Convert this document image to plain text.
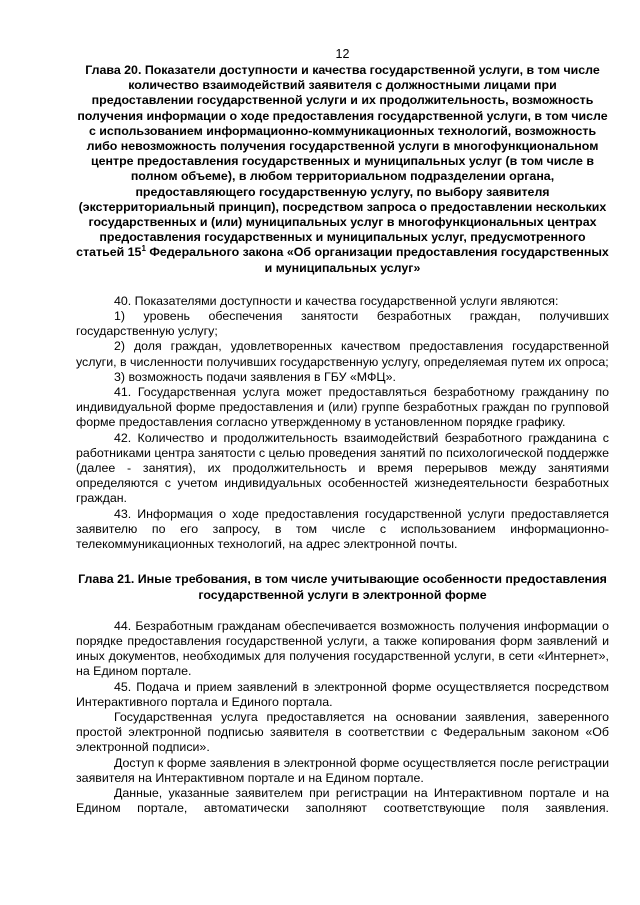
12
Глава 20. Показатели доступности и качества государственной услуги, в том числе количество взаимодействий заявителя с должностными лицами при предоставлении государственной услуги и их продолжительность, возможность получения информации о ходе предоставления государственной услуги, в том числе с использованием информационно-коммуникационных технологий, возможность либо невозможность получения государственной услуги в многофункциональном центре предоставления государственных и муниципальных услуг (в том числе в полном объеме), в любом территориальном подразделении органа, предоставляющего государственную услугу, по выбору заявителя (экстерриториальный принцип), посредством запроса о предоставлении нескольких государственных и (или) муниципальных услуг в многофункциональных центрах предоставления государственных и муниципальных услуг, предусмотренного статьей $15^1$ Федерального закона «Об организации предоставления государственных и муниципальных услуг»

40. Показателями доступности и качества государственной услуги являются:

1) уровень обеспечения занятости безработных граждан, получивших государственную услугу;

2) доля граждан, удовлетворенных качеством предоставления государственной услуги, в численности получивших государственную услугу, определяемая путем их опроса;

3) возможность подачи заявления в ГБУ «МФЦ».

41. Государственная услуга может предоставляться безработному гражданину по индивидуальной форме предоставления и (или) группе безработных граждан по групповой форме предоставления согласно утвержденному в установленном порядке графику.

42. Количество и продолжительность взаимодействий безработного гражданина с работниками центра занятости с целью проведения занятий по психологической поддержке (далее - занятия), их продолжительность и время перерывов между занятиями определяются с учетом индивидуальных особенностей жизнедеятельности безработных граждан.

43. Информация о ходе предоставления государственной услуги предоставляется заявителю по его запросу, в том числе с использованием информационно-телекоммуникационных технологий, на адрес электронной почты.

Глава 21. Иные требования, в том числе учитывающие особенности предоставления государственной услуги в электронной форме

44. Безработным гражданам обеспечивается возможность получения информации о порядке предоставления государственной услуги, а также копирования форм заявлений и иных документов, необходимых для получения государственной услуги, в сети «Интернет», на Едином портале.

45. Подача и прием заявлений в электронной форме осуществляется посредством Интерактивного портала и Единого портала.

Государственная услуга предоставляется на основании заявления, заверенного простой электронной подписью заявителя в соответствии с Федеральным законом «Об электронной подписи».

Доступ к форме заявления в электронной форме осуществляется после регистрации заявителя на Интерактивном портале и на Едином портале.

Данные, указанные заявителем при регистрации на Интерактивном портале и на Едином портале, автоматически заполняют соответствующие поля заявления.
